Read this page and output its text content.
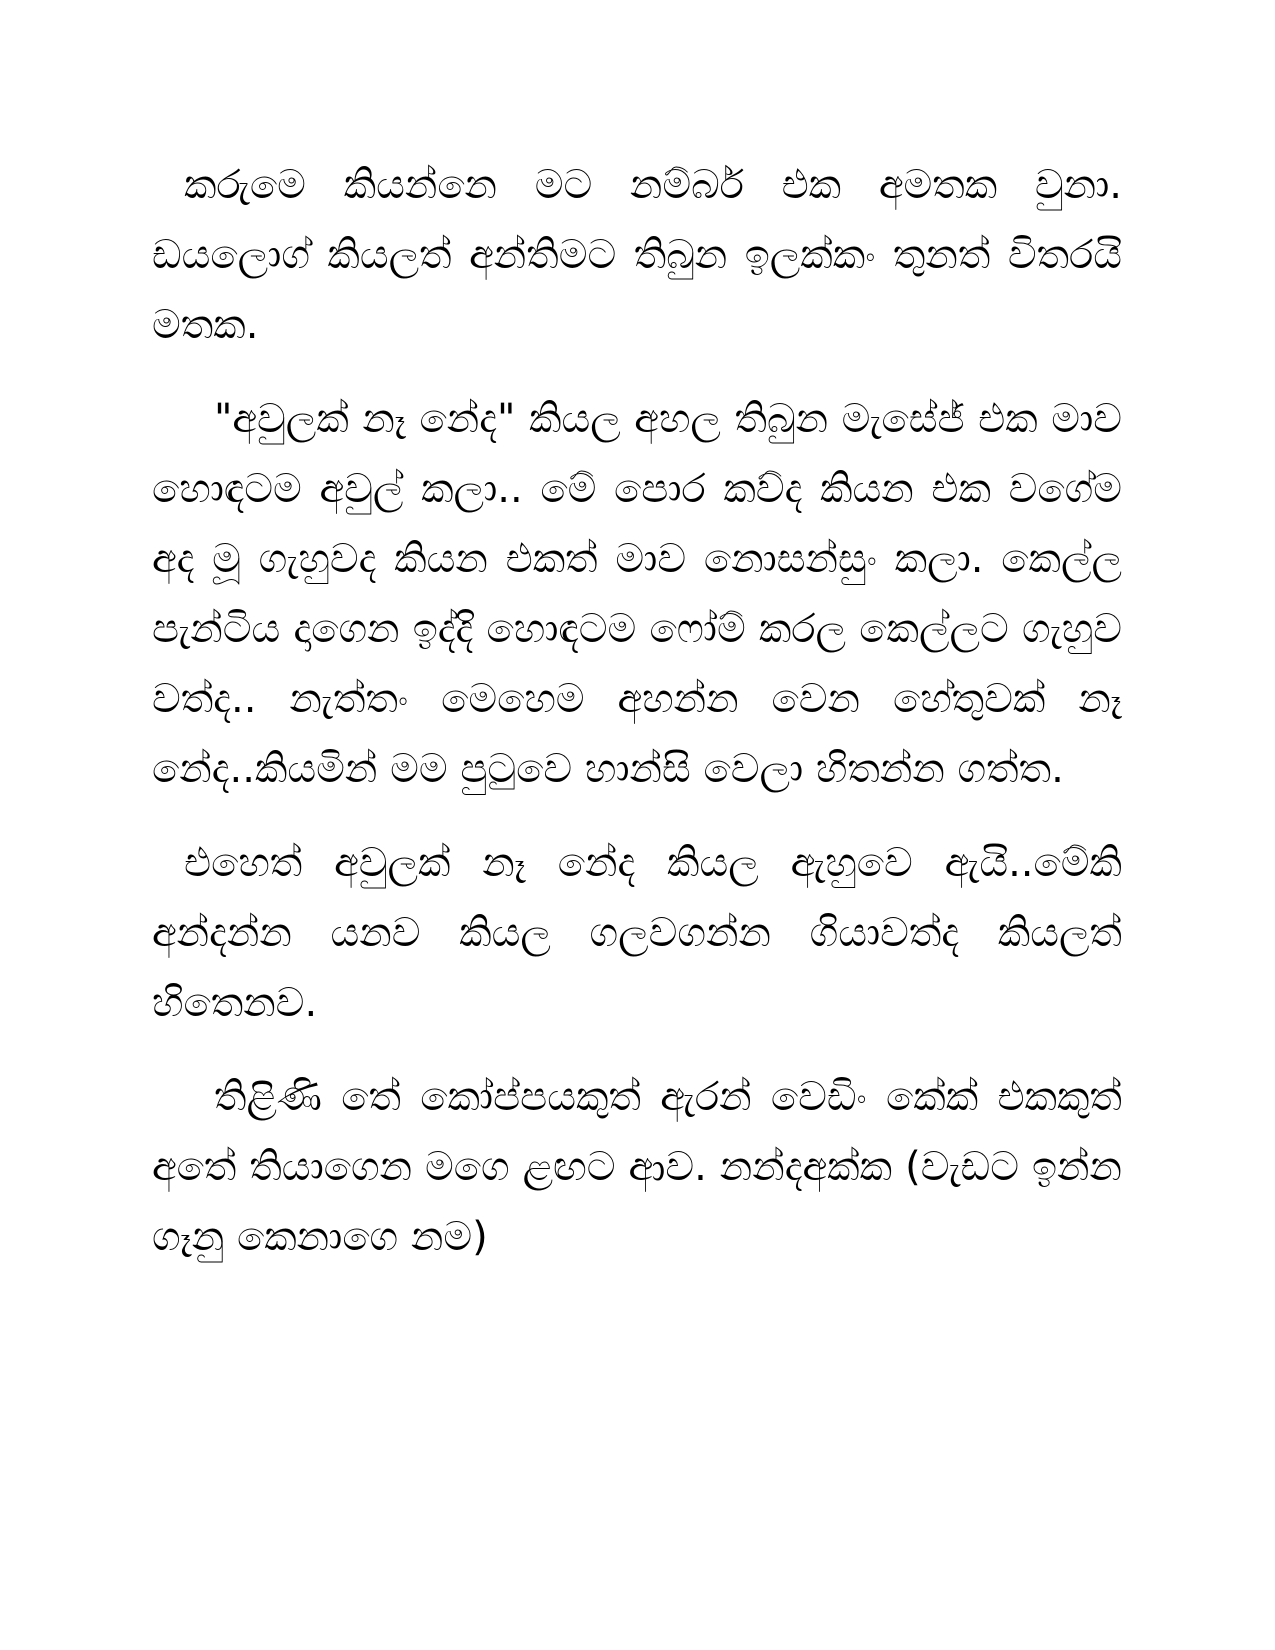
කරුමෙ කියන්නෙ මට නම්බර් එක අමතක වුනා. ඩයලොග් කියලත් අන්තිමට තිබුන ඉලක්කං තුනත් විතරයි මතක.

"අවුලක් නෑ නේද" කියල අහල තිබුන මැසේජ් එක මාව හොඳටම අවුල් කලා.. මේ පොර කව්ද කියන එක වගේම අද මූ ගැහුවද කියන එකත් මාව නොසන්සුං කලා. කෙල්ල පැන්ටිය දාගෙන ඉද්දි හොඳටම ෆෝම් කරල කෙල්ලට ගැහුව වත්ද.. නැත්තං මෙහෙම අහන්න වෙන හේතුවක් නෑ නේද..කියමින් මම පුටුවෙ හාන්සි වෙලා හිතන්න ගත්ත.

එහෙත් අවුලක් නෑ නේද කියල ඇහුවෙ ඇයි..මේකි අන්දන්න යනව කියල ගලවගන්න ගියාවත්ද කියලත් හිතෙනව.

තිළිණි තේ කෝප්පයකුත් ඇරන් වෙඩිං කේක් එකකුත් අතේ තියාගෙන මගෙ ළඟට ආව. නන්දඅක්ක (වැඩට ඉන්න ගෑනු කෙනාගෙ නම)
